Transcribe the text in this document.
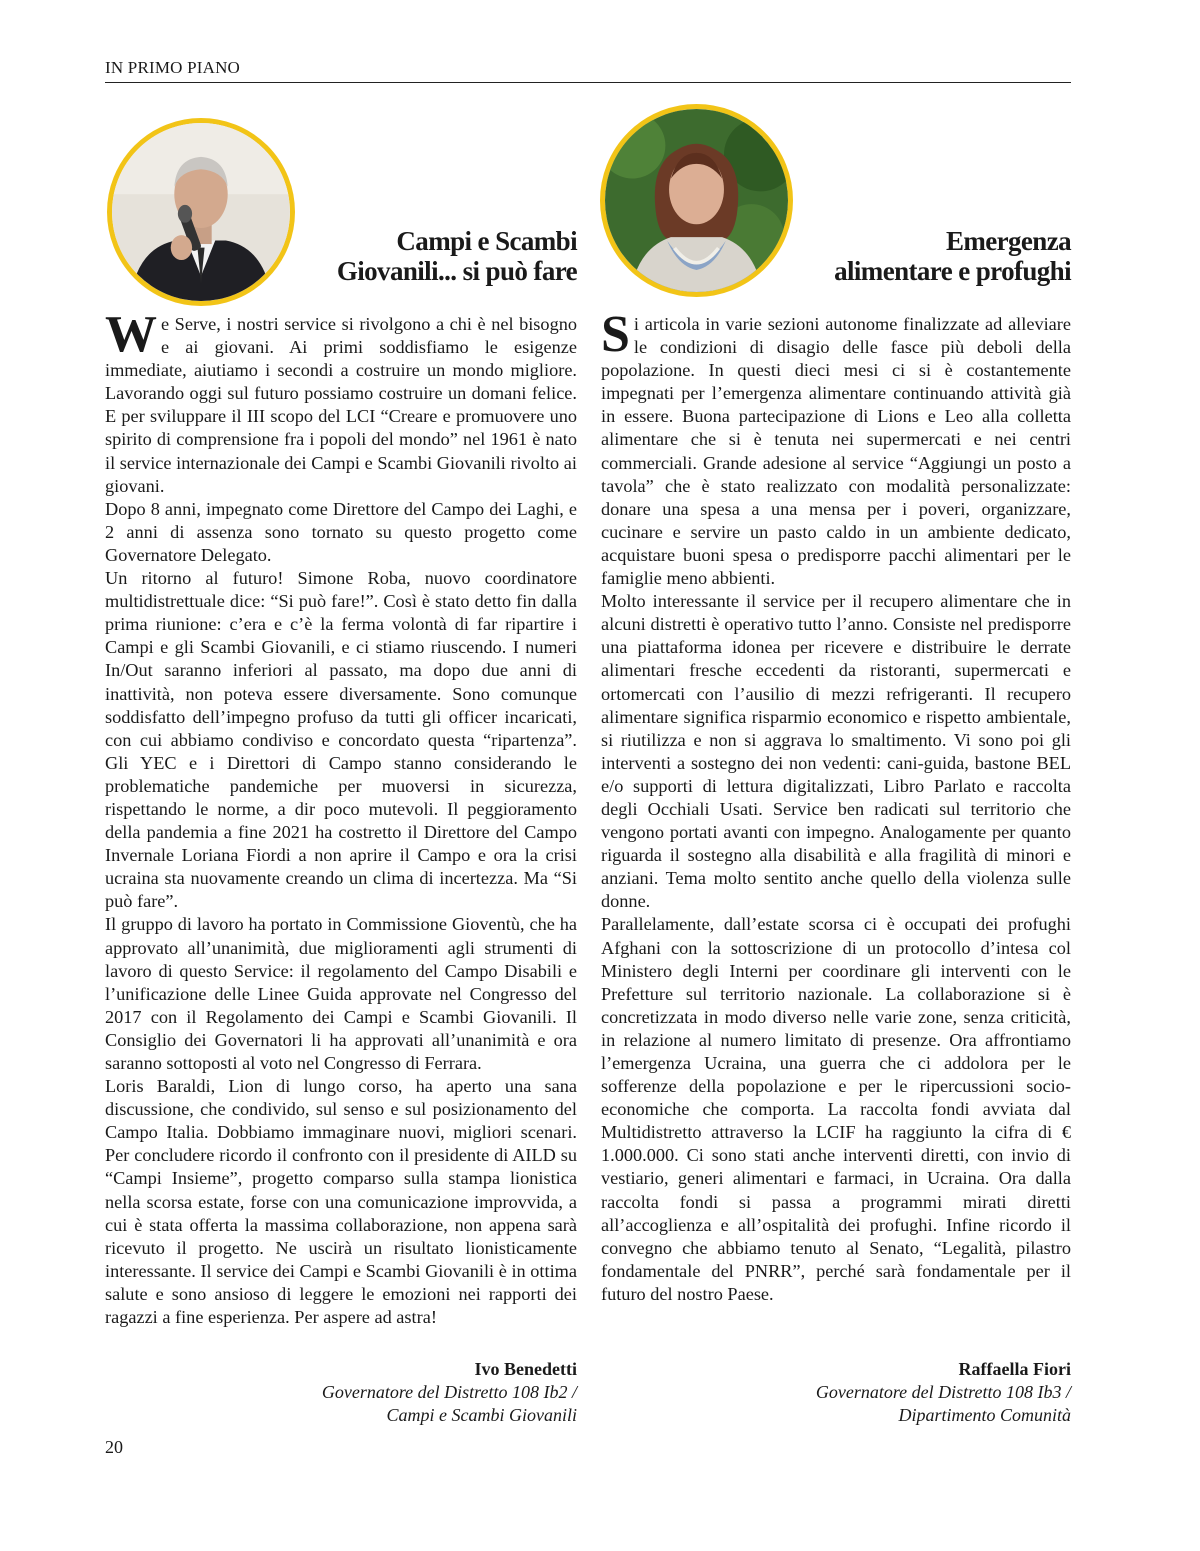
IN PRIMO PIANO
Campi e Scambi
Giovanili... si può fare

We Serve, i nostri service si rivolgono a chi è nel bisogno e ai giovani. Ai primi soddisfiamo le esigenze immediate, aiutiamo i secondi a costruire un mondo migliore. Lavorando oggi sul futuro possiamo costruire un domani felice. E per sviluppare il III scopo del LCI “Creare e promuovere uno spirito di comprensione fra i popoli del mondo” nel 1961 è nato il service internazionale dei Campi e Scambi Giovanili rivolto ai giovani.

Dopo 8 anni, impegnato come Direttore del Campo dei Laghi, e 2 anni di assenza sono tornato su questo progetto come Governatore Delegato.

Un ritorno al futuro! Simone Roba, nuovo coordinatore multidistrettuale dice: “Si può fare!”. Così è stato detto fin dalla prima riunione: c’era e c’è la ferma volontà di far ripartire i Campi e gli Scambi Giovanili, e ci stiamo riuscendo. I numeri In/Out saranno inferiori al passato, ma dopo due anni di inattività, non poteva essere diversamente. Sono comunque soddisfatto dell’impegno profuso da tutti gli officer incaricati, con cui abbiamo condiviso e concordato questa “ripartenza”. Gli YEC e i Direttori di Campo stanno considerando le problematiche pandemiche per muoversi in sicurezza, rispettando le norme, a dir poco mutevoli. Il peggioramento della pandemia a fine 2021 ha costretto il Direttore del Campo Invernale Loriana Fiordi a non aprire il Campo e ora la crisi ucraina sta nuovamente creando un clima di incertezza. Ma “Si può fare”.

Il gruppo di lavoro ha portato in Commissione Gioventù, che ha approvato all’unanimità, due miglioramenti agli strumenti di lavoro di questo Service: il regolamento del Campo Disabili e l’unificazione delle Linee Guida approvate nel Congresso del 2017 con il Regolamento dei Campi e Scambi Giovanili. Il Consiglio dei Governatori li ha approvati all’unanimità e ora saranno sottoposti al voto nel Congresso di Ferrara.

Loris Baraldi, Lion di lungo corso, ha aperto una sana discussione, che condivido, sul senso e sul posizionamento del Campo Italia. Dobbiamo immaginare nuovi, migliori scenari. Per concludere ricordo il confronto con il presidente di AILD su “Campi Insieme”, progetto comparso sulla stampa lionistica nella scorsa estate, forse con una comunicazione improvvida, a cui è stata offerta la massima collaborazione, non appena sarà ricevuto il progetto. Ne uscirà un risultato lionisticamente interessante. Il service dei Campi e Scambi Giovanili è in ottima salute e sono ansioso di leggere le emozioni nei rapporti dei ragazzi a fine esperienza. Per aspere ad astra!

Ivo Benedetti
Governatore del Distretto 108 Ib2 /
Campi e Scambi Giovanili
Emergenza
alimentare e profughi

Si articola in varie sezioni autonome finalizzate ad alleviare le condizioni di disagio delle fasce più deboli della popolazione. In questi dieci mesi ci si è costantemente impegnati per l’emergenza alimentare continuando attività già in essere. Buona partecipazione di Lions e Leo alla colletta alimentare che si è tenuta nei supermercati e nei centri commerciali. Grande adesione al service “Aggiungi un posto a tavola” che è stato realizzato con modalità personalizzate: donare una spesa a una mensa per i poveri, organizzare, cucinare e servire un pasto caldo in un ambiente dedicato, acquistare buoni spesa o predisporre pacchi alimentari per le famiglie meno abbienti.

Molto interessante il service per il recupero alimentare che in alcuni distretti è operativo tutto l’anno. Consiste nel predisporre una piattaforma idonea per ricevere e distribuire le derrate alimentari fresche eccedenti da ristoranti, supermercati e ortomercati con l’ausilio di mezzi refrigeranti. Il recupero alimentare significa risparmio economico e rispetto ambientale, si riutilizza e non si aggrava lo smaltimento. Vi sono poi gli interventi a sostegno dei non vedenti: cani-guida, bastone BEL e/o supporti di lettura digitalizzati, Libro Parlato e raccolta degli Occhiali Usati. Service ben radicati sul territorio che vengono portati avanti con impegno. Analogamente per quanto riguarda il sostegno alla disabilità e alla fragilità di minori e anziani. Tema molto sentito anche quello della violenza sulle donne.

Parallelamente, dall’estate scorsa ci è occupati dei profughi Afghani con la sottoscrizione di un protocollo d’intesa col Ministero degli Interni per coordinare gli interventi con le Prefetture sul territorio nazionale. La collaborazione si è concretizzata in modo diverso nelle varie zone, senza criticità, in relazione al numero limitato di presenze. Ora affrontiamo l’emergenza Ucraina, una guerra che ci addolora per le sofferenze della popolazione e per le ripercussioni socio-economiche che comporta. La raccolta fondi avviata dal Multidistretto attraverso la LCIF ha raggiunto la cifra di € 1.000.000. Ci sono stati anche interventi diretti, con invio di vestiario, generi alimentari e farmaci, in Ucraina. Ora dalla raccolta fondi si passa a programmi mirati diretti all’accoglienza e all’ospitalità dei profughi. Infine ricordo il convegno che abbiamo tenuto al Senato, “Legalità, pilastro fondamentale del PNRR”, perché sarà fondamentale per il futuro del nostro Paese.

Raffaella Fiori
Governatore del Distretto 108 Ib3 /
Dipartimento Comunità
20
